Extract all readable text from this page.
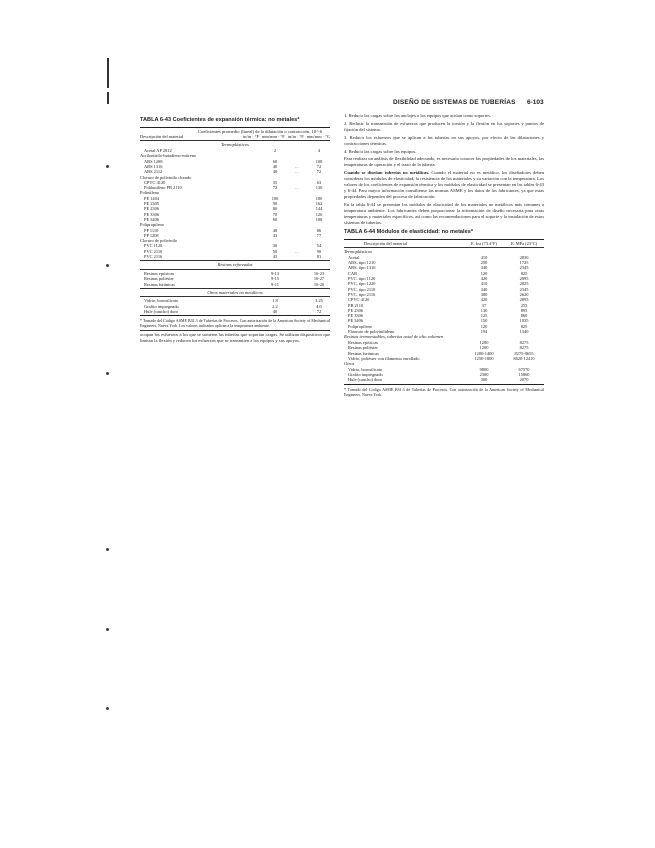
DISEÑO DE SISTEMAS DE TUBERÍAS 6-103
TABLA 6-43 Coeficientes de expansión térmica: no metales*
Coeficientes promedio (lineal) de la dilatación o contracción, 10^-6
Descripción del material	in/in · °F	mm/mm · °F	in/in · °F	mm/mm · °C
Termoplásticos
Acetal AP 2012	2		4
Acrilonitrilo-butadieno-estireno			
ABS 1208	60		108
ABS 1316	40	…	72
ABS 2112	40	…	72
Cloruro de polivinilo clorado			
CPVC 4120	35		63
Polibutileno PB 2110	72	…	130
Polietileno			
PE 1404	100		180
PE 2305	90		162
PE 2306	80		144
PE 3306	70		126
PE 3406	60		108
Polipropileno			
PP 1110	48		86
PP 1208	43		77
Cloruro de polivinilo			
PVC 1120	30		54
PVC 2110	50	…	90
PVC 2116	45		81
Resinas reforzadas
Resinas epóxicas	9-13		16-23
Resinas poliéster	9-15		16-27
Resinas furánicas	9-11		16-20
Otros materiales no metálicos
Vidrio, borosilicato	1.8		3.25
Grafito impregnado	2.2		4.0
Hule (caucho) duro	40		72
* Tomado del Código ASME B31.3 de Tuberías de Procesos. Con autorización de la American Society of Mechanical Engineers, Nueva York. Los valores indicados aplican a la temperatura ambiente.

ocupan los esfuerzos a los que se someten las tuberías que soportan cargas. Se utilizan dispositivos que limitan la flexión y reducen los esfuerzos que se transmiten a los equipos y sus apoyos.

1. Reducir las cargas sobre los anclajes o los equipos que actúan como soportes.

2. Reducir la transmisión de esfuerzos que producen la torsión y la flexión en los soportes y puntos de fijación del sistema.

3. Reducir los esfuerzos que se aplican a las tuberías en sus apoyos, por efecto de las dilataciones y contracciones térmicas.

4. Reducir las cargas sobre los equipos.

Para realizar un análisis de flexibilidad adecuado, es necesario conocer las propiedades de los materiales, las temperaturas de operación y el trazo de la tubería.

Cuando se diseñan tuberías no metálicas. Cuando el material no es metálico, los diseñadores deben considerar los módulos de elasticidad, la resistencia de los materiales y su variación con la temperatura. Los valores de los coeficientes de expansión térmica y los módulos de elasticidad se presentan en las tablas 6-43 y 6-44. Para mayor información consúltense las normas ASME y los datos de los fabricantes, ya que estas propiedades dependen del proceso de fabricación.

En la tabla 6-44 se presentan los módulos de elasticidad de los materiales no metálicos más comunes a temperatura ambiente. Los fabricantes deben proporcionar la información de diseño necesaria para otras temperaturas y materiales específicos, así como las recomendaciones para el soporte y la instalación de estos sistemas de tuberías.

TABLA 6-44 Módulos de elasticidad: no metales*
Descripción del material	E, ksi (73.4°F)	E, MPa (23°C)
Termoplásticos
Acetal	410	2830
ABS, tipo 1210	250	1725
ABS, tipo 1316	340	2345
CAB	120	825
PVC, tipo 1120	420	2895
PVC, tipo 1220	410	2825
PVC, tipo 2110	340	2345
PVC, tipo 2116	380	2620
CPVC 4120	420	2895
PB 2110	37	255
PE 2306	130	895
PE 3306	125	860
PE 3406	150	1035
Polipropileno	120	825
Fluoruro de polivinilideno	194	1340
Resinas termoestables, tuberías axial de alto volumen
Resinas epóxicas	1200	8275
Resinas poliéster	1200	8275
Resinas furánicas	1200-1400	8275-9655
Vidrio, poliéster con filamento enrollado	1250-1800	8620-12410
Otros
Vidrio, borosilicato	9800	67570
Grafito impregnado	2300	15860
Hule (caucho) duro	300	2070
* Tomado del Código ASME B31.3 de Tuberías de Procesos. Con autorización de la American Society of Mechanical Engineers, Nueva York.
